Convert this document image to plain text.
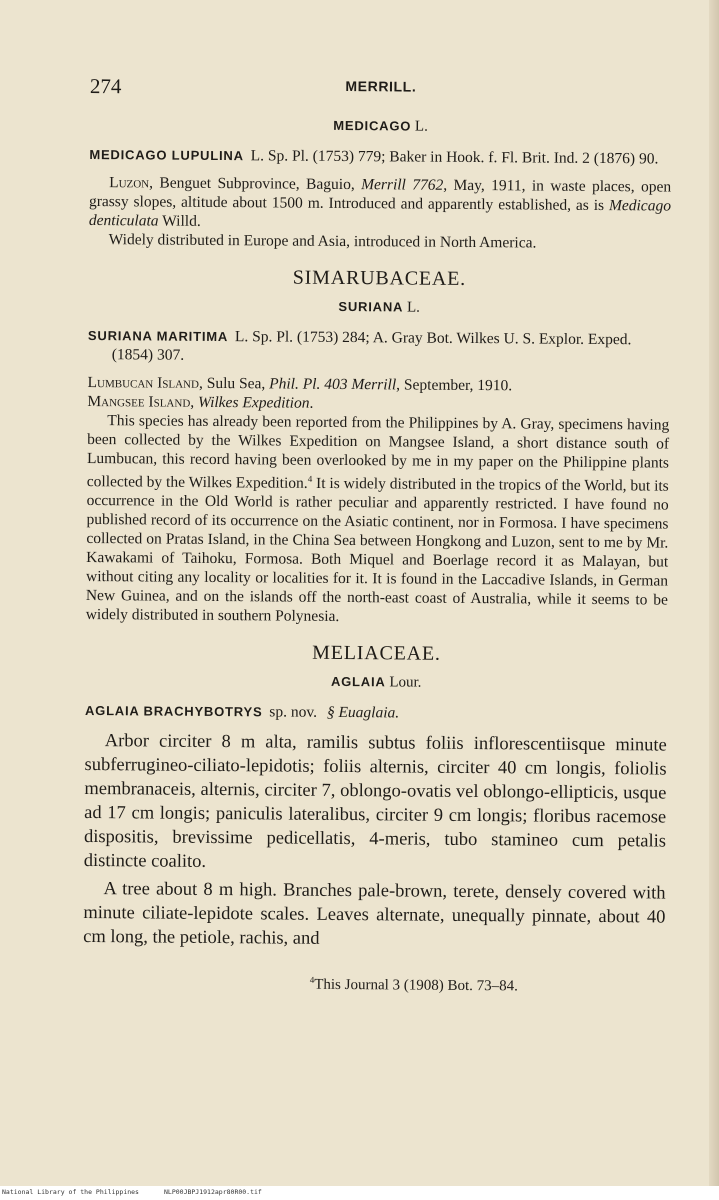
274	MERRILL.
MEDICAGO L.
MEDICAGO LUPULINA L. Sp. Pl. (1753) 779; Baker in Hook. f. Fl. Brit. Ind. 2 (1876) 90.

Luzon, Benguet Subprovince, Baguio, Merrill 7762, May, 1911, in waste places, open grassy slopes, altitude about 1500 m. Introduced and apparently established, as is Medicago denticulata Willd.

Widely distributed in Europe and Asia, introduced in North America.

SIMARUBACEAE.
SURIANA L.
SURIANA MARITIMA L. Sp. Pl. (1753) 284; A. Gray Bot. Wilkes U. S. Explor. Exped. (1854) 307.

Lumbucan Island, Sulu Sea, Phil. Pl. 403 Merrill, September, 1910.
Mangsee Island, Wilkes Expedition.

This species has already been reported from the Philippines by A. Gray, specimens having been collected by the Wilkes Expedition on Mangsee Island, a short distance south of Lumbucan, this record having been overlooked by me in my paper on the Philippine plants collected by the Wilkes Expedition.$^4$ It is widely distributed in the tropics of the World, but its occurrence in the Old World is rather peculiar and apparently restricted. I have found no published record of its occurrence on the Asiatic continent, nor in Formosa. I have specimens collected on Pratas Island, in the China Sea between Hongkong and Luzon, sent to me by Mr. Kawakami of Taihoku, Formosa. Both Miquel and Boerlage record it as Malayan, but without citing any locality or localities for it. It is found in the Laccadive Islands, in German New Guinea, and on the islands off the north-east coast of Australia, while it seems to be widely distributed in southern Polynesia.

MELIACEAE.
AGLAIA Lour.
AGLAIA BRACHYBOTRYS sp. nov. § Euaglaia.

Arbor circiter 8 m alta, ramilis subtus foliis inflorescentiisque minute subferrugineo-ciliato-lepidotis; foliis alternis, circiter 40 cm longis, foliolis membranaceis, alternis, circiter 7, oblongo-ovatis vel oblongo-ellipticis, usque ad 17 cm longis; paniculis lateralibus, circiter 9 cm longis; floribus racemose dispositis, brevissime pedicellatis, 4-meris, tubo stamineo cum petalis distincte coalito.

A tree about 8 m high. Branches pale-brown, terete, densely covered with minute ciliate-lepidote scales. Leaves alternate, unequally pinnate, about 40 cm long, the petiole, rachis, and

$^4$This Journal 3 (1908) Bot. 73–84.
National Library of the Philippines	NLP00JBPJ1912apr80R00.tif
